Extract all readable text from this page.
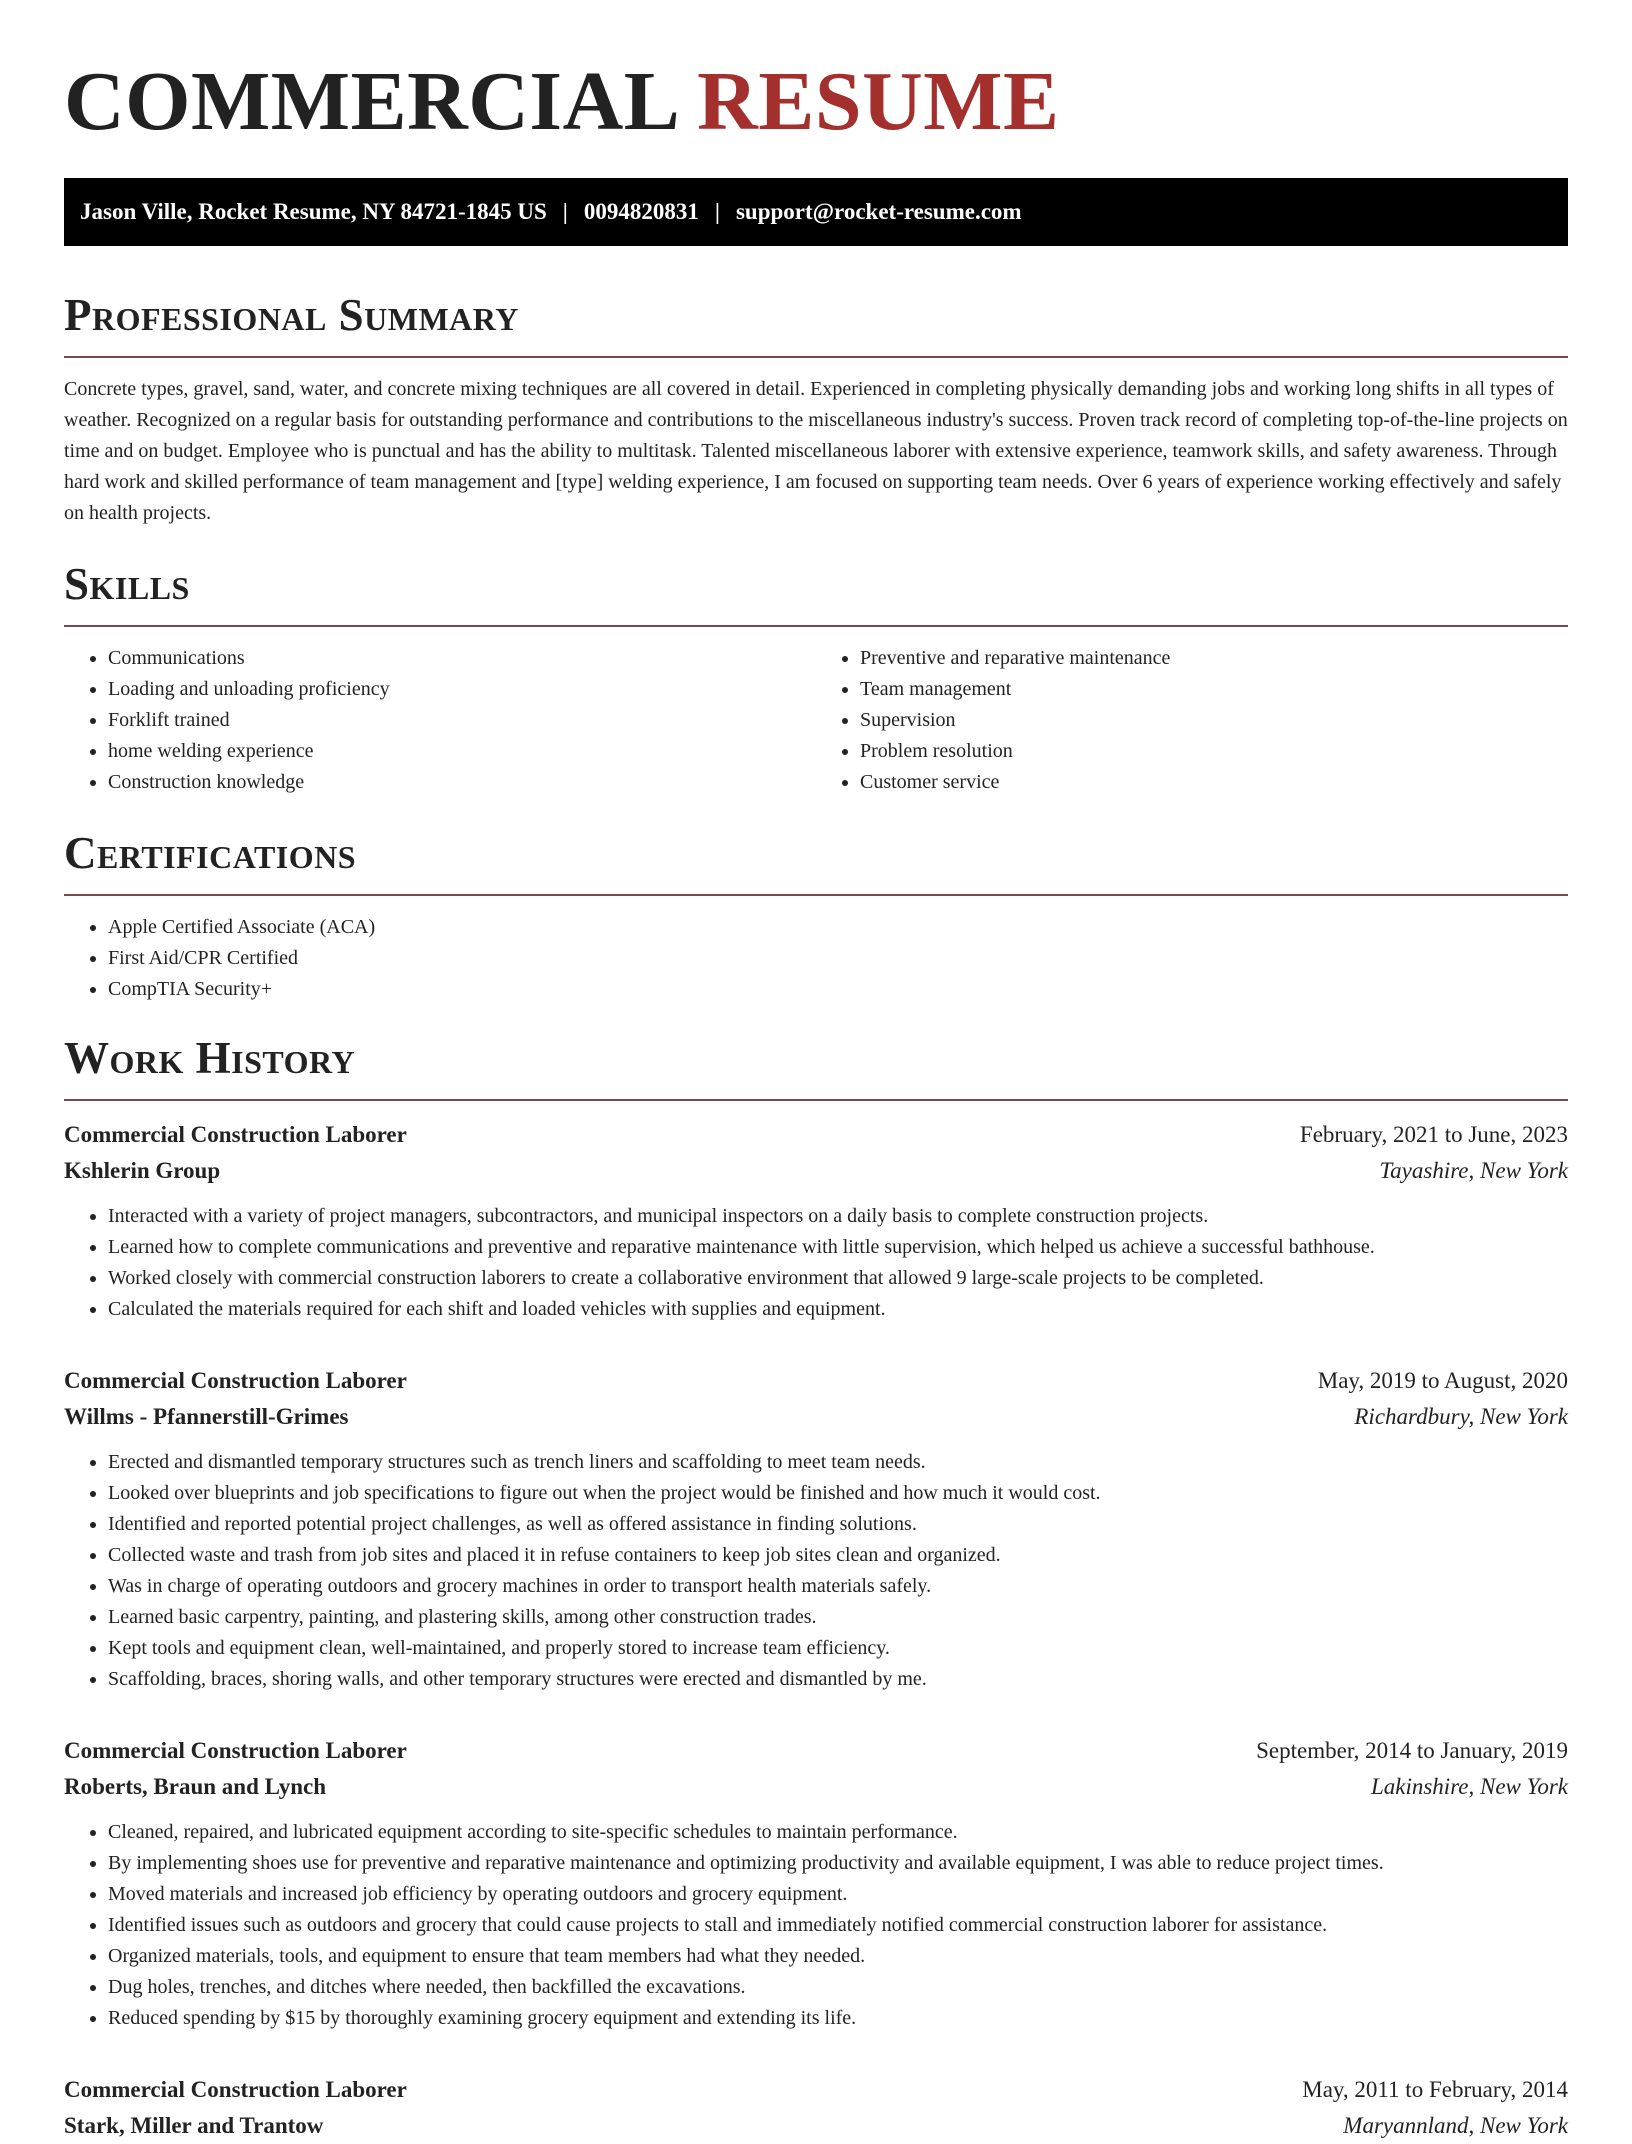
COMMERCIAL RESUME
Jason Ville, Rocket Resume, NY 84721-1845 US | 0094820831 | support@rocket-resume.com
Professional Summary

Concrete types, gravel, sand, water, and concrete mixing techniques are all covered in detail. Experienced in completing physically demanding jobs and working long shifts in all types of weather. Recognized on a regular basis for outstanding performance and contributions to the miscellaneous industry's success. Proven track record of completing top-of-the-line projects on time and on budget. Employee who is punctual and has the ability to multitask. Talented miscellaneous laborer with extensive experience, teamwork skills, and safety awareness. Through hard work and skilled performance of team management and [type] welding experience, I am focused on supporting team needs. Over 6 years of experience working effectively and safely on health projects.

Skills
• Communications
• Loading and unloading proficiency
• Forklift trained
• home welding experience
• Construction knowledge
• Preventive and reparative maintenance
• Team management
• Supervision
• Problem resolution
• Customer service
Certifications
• Apple Certified Associate (ACA)
• First Aid/CPR Certified
• CompTIA Security+
Work History
Commercial Construction Laborer	February, 2021 to June, 2023
Kshlerin Group	Tayashire, New York
• Interacted with a variety of project managers, subcontractors, and municipal inspectors on a daily basis to complete construction projects.
• Learned how to complete communications and preventive and reparative maintenance with little supervision, which helped us achieve a successful bathhouse.
• Worked closely with commercial construction laborers to create a collaborative environment that allowed 9 large-scale projects to be completed.
• Calculated the materials required for each shift and loaded vehicles with supplies and equipment.
Commercial Construction Laborer	May, 2019 to August, 2020
Willms - Pfannerstill-Grimes	Richardbury, New York
• Erected and dismantled temporary structures such as trench liners and scaffolding to meet team needs.
• Looked over blueprints and job specifications to figure out when the project would be finished and how much it would cost.
• Identified and reported potential project challenges, as well as offered assistance in finding solutions.
• Collected waste and trash from job sites and placed it in refuse containers to keep job sites clean and organized.
• Was in charge of operating outdoors and grocery machines in order to transport health materials safely.
• Learned basic carpentry, painting, and plastering skills, among other construction trades.
• Kept tools and equipment clean, well-maintained, and properly stored to increase team efficiency.
• Scaffolding, braces, shoring walls, and other temporary structures were erected and dismantled by me.
Commercial Construction Laborer	September, 2014 to January, 2019
Roberts, Braun and Lynch	Lakinshire, New York
• Cleaned, repaired, and lubricated equipment according to site-specific schedules to maintain performance.
• By implementing shoes use for preventive and reparative maintenance and optimizing productivity and available equipment, I was able to reduce project times.
• Moved materials and increased job efficiency by operating outdoors and grocery equipment.
• Identified issues such as outdoors and grocery that could cause projects to stall and immediately notified commercial construction laborer for assistance.
• Organized materials, tools, and equipment to ensure that team members had what they needed.
• Dug holes, trenches, and ditches where needed, then backfilled the excavations.
• Reduced spending by $15 by thoroughly examining grocery equipment and extending its life.
Commercial Construction Laborer	May, 2011 to February, 2014
Stark, Miller and Trantow	Maryannland, New York
